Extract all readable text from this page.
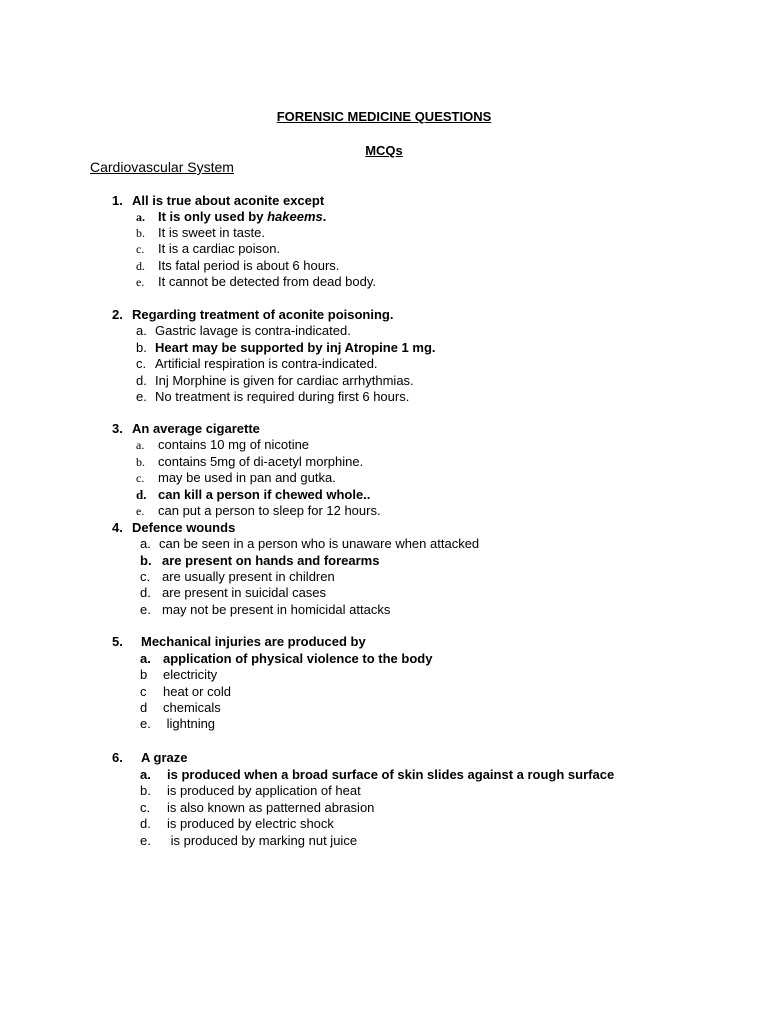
FORENSIC MEDICINE QUESTIONS
MCQs
Cardiovascular System
1. All is true about aconite except
a. It is only used by hakeems.
b. It is sweet in taste.
c. It is a cardiac poison.
d. Its fatal period is about 6 hours.
e. It cannot be detected from dead body.
2. Regarding treatment of aconite poisoning.
a. Gastric lavage is contra-indicated.
b. Heart may be supported by inj Atropine 1 mg.
c. Artificial respiration is contra-indicated.
d. Inj Morphine is given for cardiac arrhythmias.
e. No treatment is required during first 6 hours.
3. An average cigarette
a. contains 10 mg of nicotine
b. contains 5mg of di-acetyl morphine.
c. may be used in pan and gutka.
d. can kill a person if chewed whole..
e. can put a person to sleep for 12 hours.
4. Defence wounds
a. can be seen in a person who is unaware when attacked
b. are present on hands and forearms
c. are usually present in children
d. are present in suicidal cases
e. may not be present in homicidal attacks
5. Mechanical injuries are produced by
a. application of physical violence to the body
b electricity
c heat or cold
d chemicals
e. lightning
6. A graze
a. is produced when a broad surface of skin slides against a rough surface
b. is produced by application of heat
c. is also known as patterned abrasion
d. is produced by electric shock
e. is produced by marking nut juice
